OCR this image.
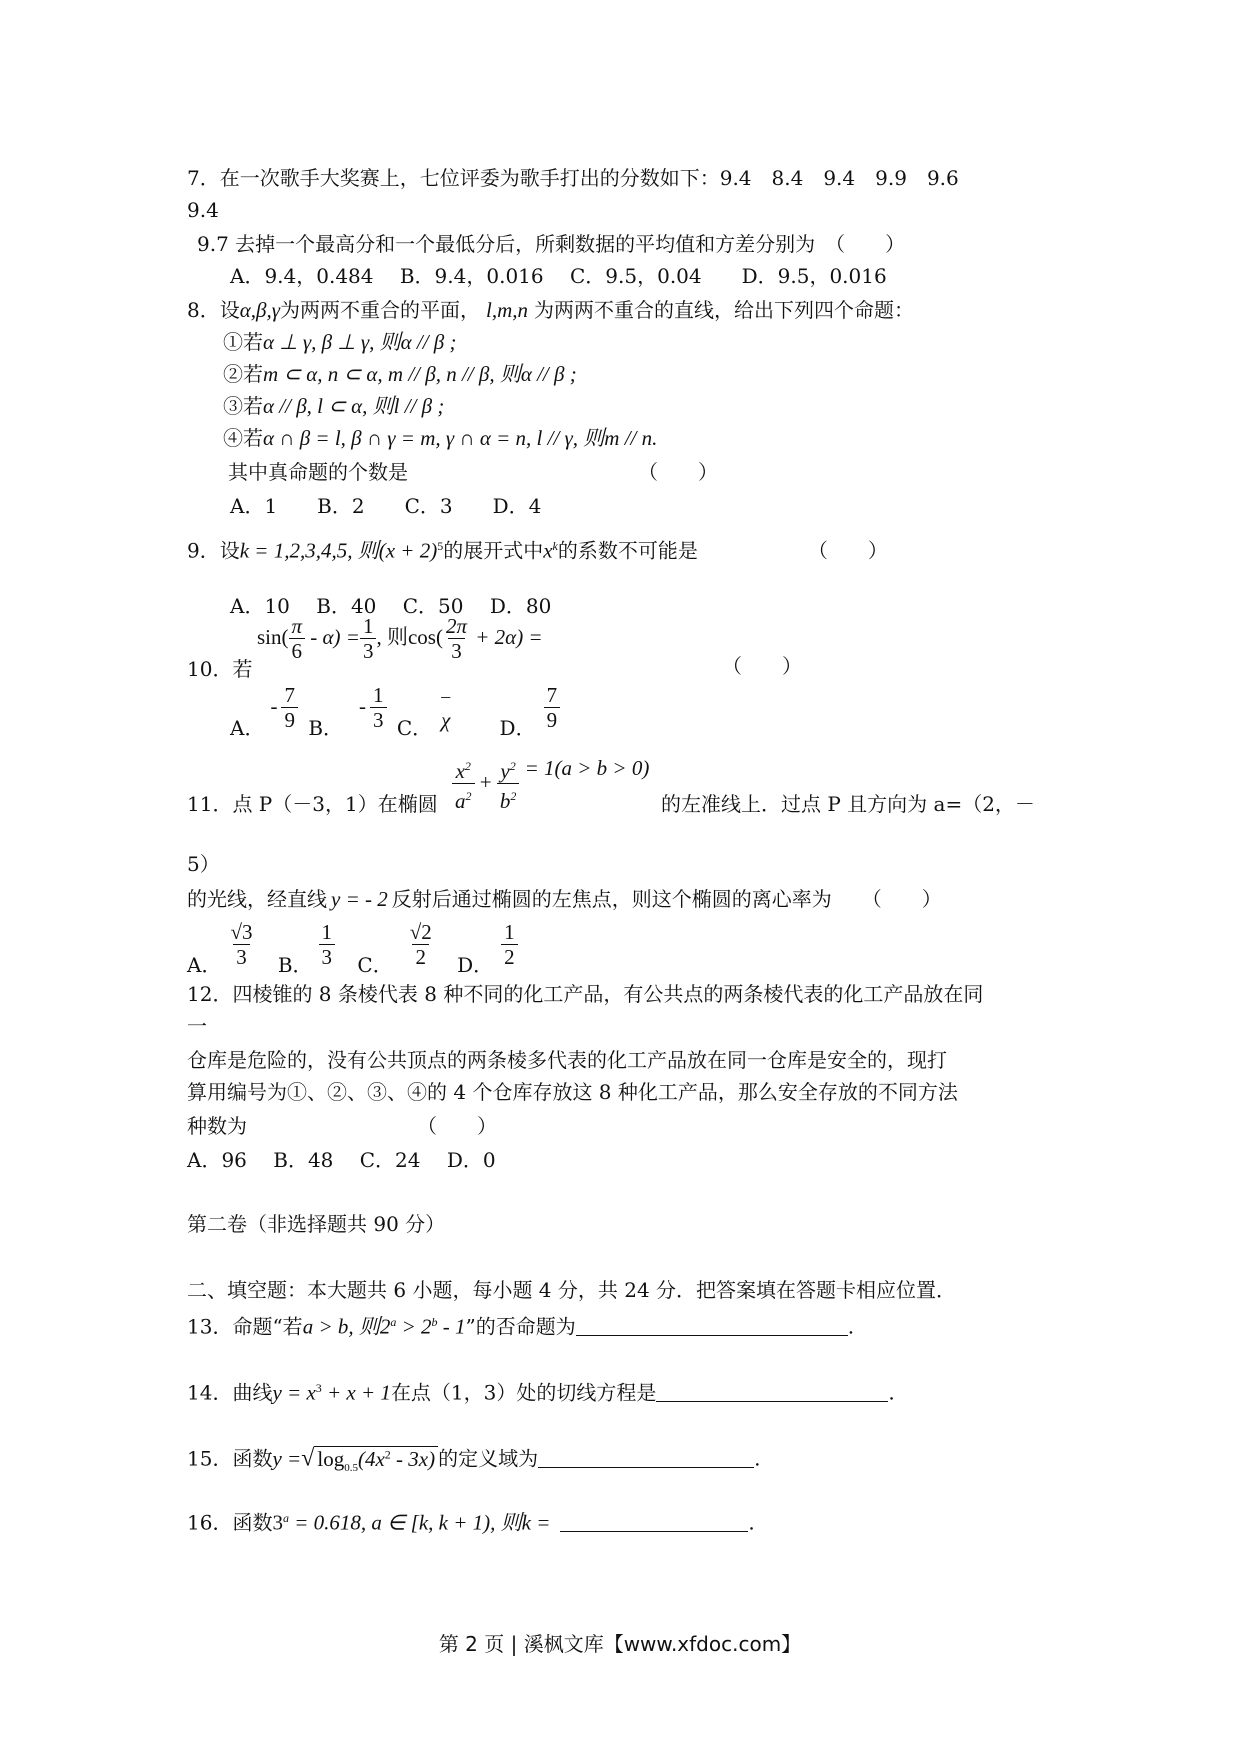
7．在一次歌手大奖赛上，七位评委为歌手打出的分数如下：9.4　8.4　9.4　9.9　9.6
9.4
9.7 去掉一个最高分和一个最低分后，所剩数据的平均值和方差分别为　（　　）
A．9.4，0.484　 B．9.4，0.016　 C．9.5，0.04　　D．9.5，0.016
8．设α,β,γ为两两不重合的平面， l,m,n 为两两不重合的直线，给出下列四个命题：
①若α ⊥ γ, β ⊥ γ, 则α // β ;
②若m ⊂ α, n ⊂ α, m // β, n // β, 则α // β ;
③若α // β, l ⊂ α, 则l // β ;
④若α ∩ β = l, β ∩ γ = m, γ ∩ α = n, l // γ, 则m // n.
其中真命题的个数是　　　　　　　　　　　　（　　）
A．1　　B．2　　C．3　　D．4
9．设k = 1,2,3,4,5, 则$(x + 2)^5$的展开式中$x^k$的系数不可能是　　　　　　（　　）
A．10　 B．40　 C．50　 D．80
10．若
$\sin( \frac{\pi}{6} - \alpha) = \frac{1}{3}$ , 则$\cos( \frac{2\pi}{3} + 2\alpha)$ =
（　　）
A．- $\frac{7}{9}$ B．- $\frac{1}{3}$ C．
–
χ D． $\frac{7}{9}$
11．点 P（－3，1）在椭圆 $\frac{x^2}{a^2} + \frac{y^2}{b^2} = 1(a > b > 0)$
的左准线上．过点 P 且方向为 a=（2，－
5）
的光线，经直线 y = - 2 反射后通过椭圆的左焦点，则这个椭圆的离心率为　　（　　）
A． $\frac{√3}{3}$ B． $\frac{1}{3}$ C． $\frac{√2}{2}$ D． $\frac{1}{2}$
12．四棱锥的 8 条棱代表 8 种不同的化工产品，有公共点的两条棱代表的化工产品放在同
一
仓库是危险的，没有公共顶点的两条棱多代表的化工产品放在同一仓库是安全的，现打
算用编号为①、②、③、④的 4 个仓库存放这 8 种化工产品，那么安全存放的不同方法
种数为　　　　　　　　　（　　）
A．96　 B．48　 C．24　 D．0
第二卷（非选择题共 90 分）
二、填空题：本大题共 6 小题，每小题 4 分，共 24 分．把答案填在答题卡相应位置．
13．命题“若a > b, 则$2^a > 2^b - 1$”的否命题为	.
14．曲线$y = x^3 + x + 1$在点（1，3）处的切线方程是	.
15．函数y =√ $\log_{0.5}(4x^2 - 3x)$ 的定义域为	.
16．函数$3^a = 0.618$, a ∈ [k, k + 1), 则k =	.
第 2 页 | 溪枫文库【www.xfdoc.com】
